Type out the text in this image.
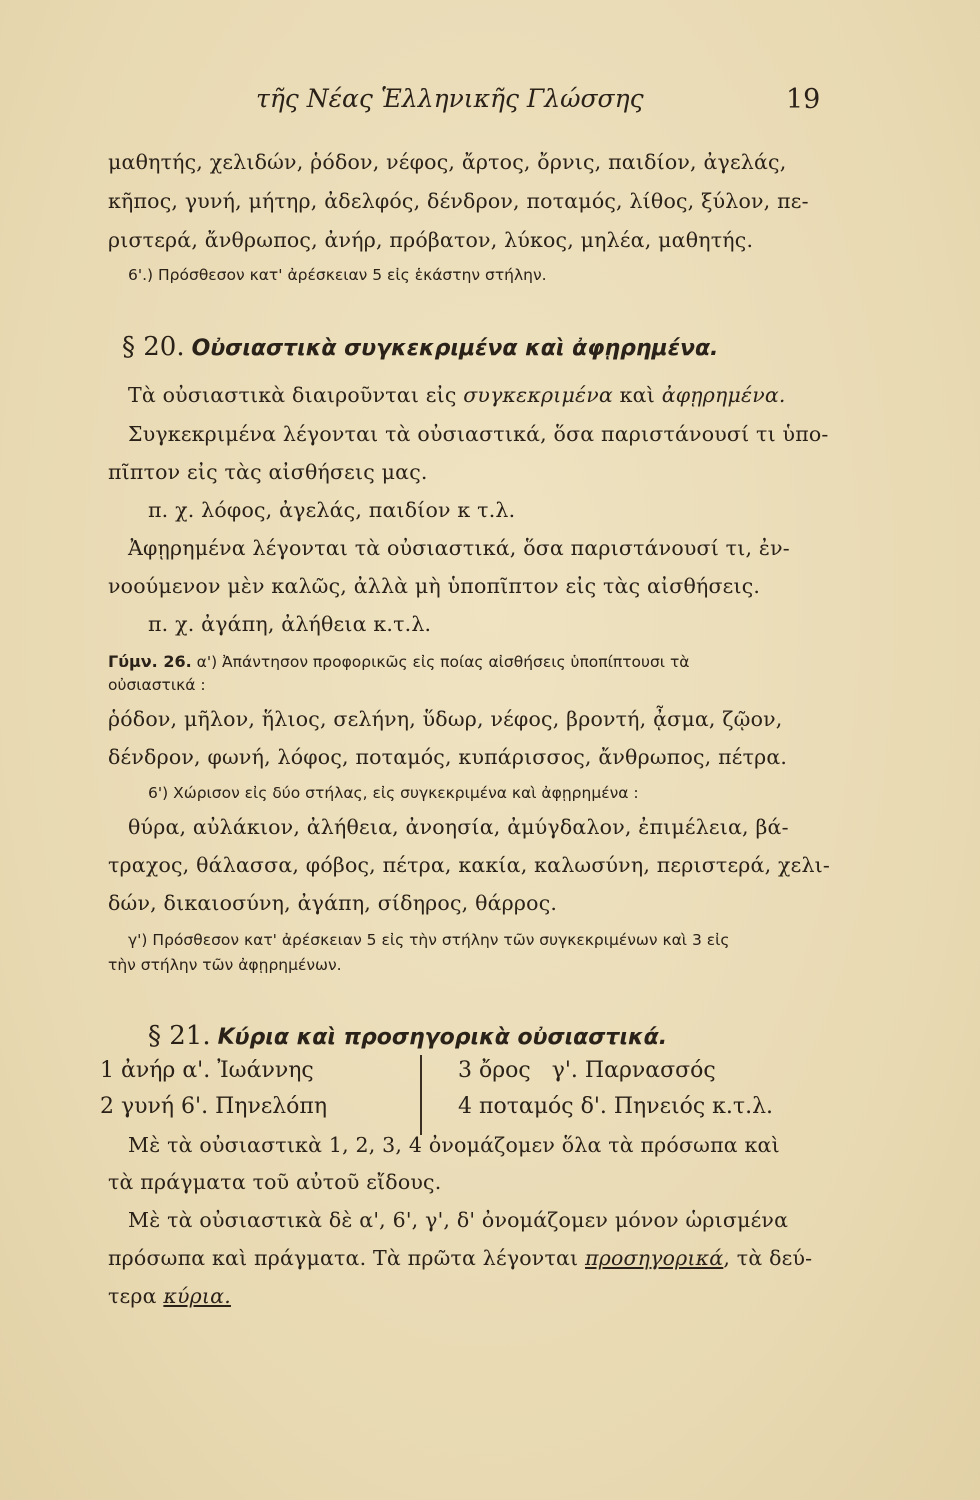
τῆς Νέας Ἑλληνικῆς Γλώσσης	19
μαθητής, χελιδών, ῥόδον, νέφος, ἄρτος, ὄρνις, παιδίον, ἀγελάς,
κῆπος, γυνή, μήτηρ, ἀδελφός, δένδρον, ποταμός, λίθος, ξύλον, πε-
ριστερά, ἄνθρωπος, ἀνήρ, πρόβατον, λύκος, μηλέα, μαθητής.
6'.) Πρόσθεσον κατ' ἀρέσκειαν 5 εἰς ἑκάστην στήλην.
§ 20. Οὐσιαστικὰ συγκεκριμένα καὶ ἀφῃρημένα.
Τὰ οὐσιαστικὰ διαιροῦνται εἰς συγκεκριμένα καὶ ἀφῃρημένα.
Συγκεκριμένα λέγονται τὰ οὐσιαστικά, ὅσα παριστάνουσί τι ὑπο-
πῖπτον εἰς τὰς αἰσθήσεις μας.
π. χ. λόφος, ἀγελάς, παιδίον κ τ.λ.
Ἀφῃρημένα λέγονται τὰ οὐσιαστικά, ὅσα παριστάνουσί τι, ἐν-
νοούμενον μὲν καλῶς, ἀλλὰ μὴ ὑποπῖπτον εἰς τὰς αἰσθήσεις.
π. χ. ἀγάπη, ἀλήθεια κ.τ.λ.
Γύμν. 26. α') Ἀπάντησον προφορικῶς εἰς ποίας αἰσθήσεις ὑποπίπτουσι τὰ
οὐσιαστικά :
ῥόδον, μῆλον, ἥλιος, σελήνη, ὕδωρ, νέφος, βροντή, ᾆσμα, ζῷον,
δένδρον, φωνή, λόφος, ποταμός, κυπάρισσος, ἄνθρωπος, πέτρα.
6') Χώρισον εἰς δύο στήλας, εἰς συγκεκριμένα καὶ ἀφῃρημένα :
θύρα, αὐλάκιον, ἀλήθεια, ἀνοησία, ἀμύγδαλον, ἐπιμέλεια, βά-
τραχος, θάλασσα, φόβος, πέτρα, κακία, καλωσύνη, περιστερά, χελι-
δών, δικαιοσύνη, ἀγάπη, σίδηρος, θάρρος.
γ') Πρόσθεσον κατ' ἀρέσκειαν 5 εἰς τὴν στήλην τῶν συγκεκριμένων καὶ 3 εἰς
τὴν στήλην τῶν ἀφῃρημένων.
§ 21. Κύρια καὶ προσηγορικὰ οὐσιαστικά.
1 ἀνήρ α'. Ἰωάννης
2 γυνή 6'. Πηνελόπη
3 ὄρος   γ'. Παρνασσός
4 ποταμός δ'. Πηνειός κ.τ.λ.
Μὲ τὰ οὐσιαστικὰ 1, 2, 3, 4 ὀνομάζομεν ὅλα τὰ πρόσωπα καὶ
τὰ πράγματα τοῦ αὐτοῦ εἴδους.
Μὲ τὰ οὐσιαστικὰ δὲ α', 6', γ', δ' ὀνομάζομεν μόνον ὡρισμένα
πρόσωπα καὶ πράγματα. Τὰ πρῶτα λέγονται προσηγορικά, τὰ δεύ-
τερα κύρια.
